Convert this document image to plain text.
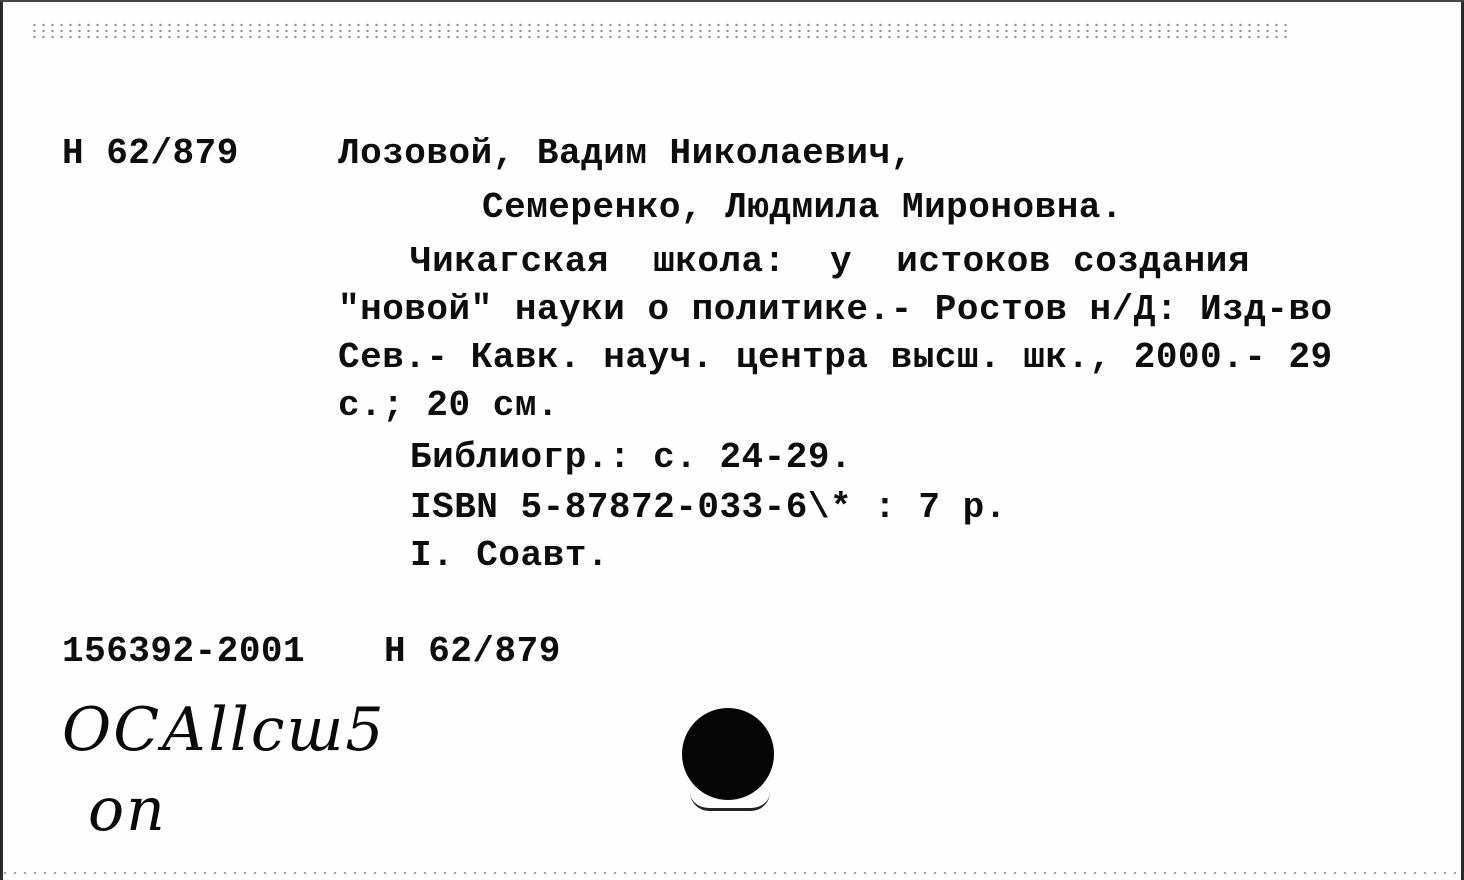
Н 62/879	Лозовой, Вадим Николаевич,
Семеренко, Людмила Мироновна.
Чикагская  школа:  у  истоков создания
"новой" науки о политике.- Ростов н/Д: Изд-во
Сев.- Кавк. науч. центра высш. шк., 2000.- 29
с.; 20 см.
Библиогр.: с. 24-29.
ISBN 5-87872-033-6\* : 7 р.
I. Соавт.
156392-2001 Н 62/879
ОСАllсш5
оп
